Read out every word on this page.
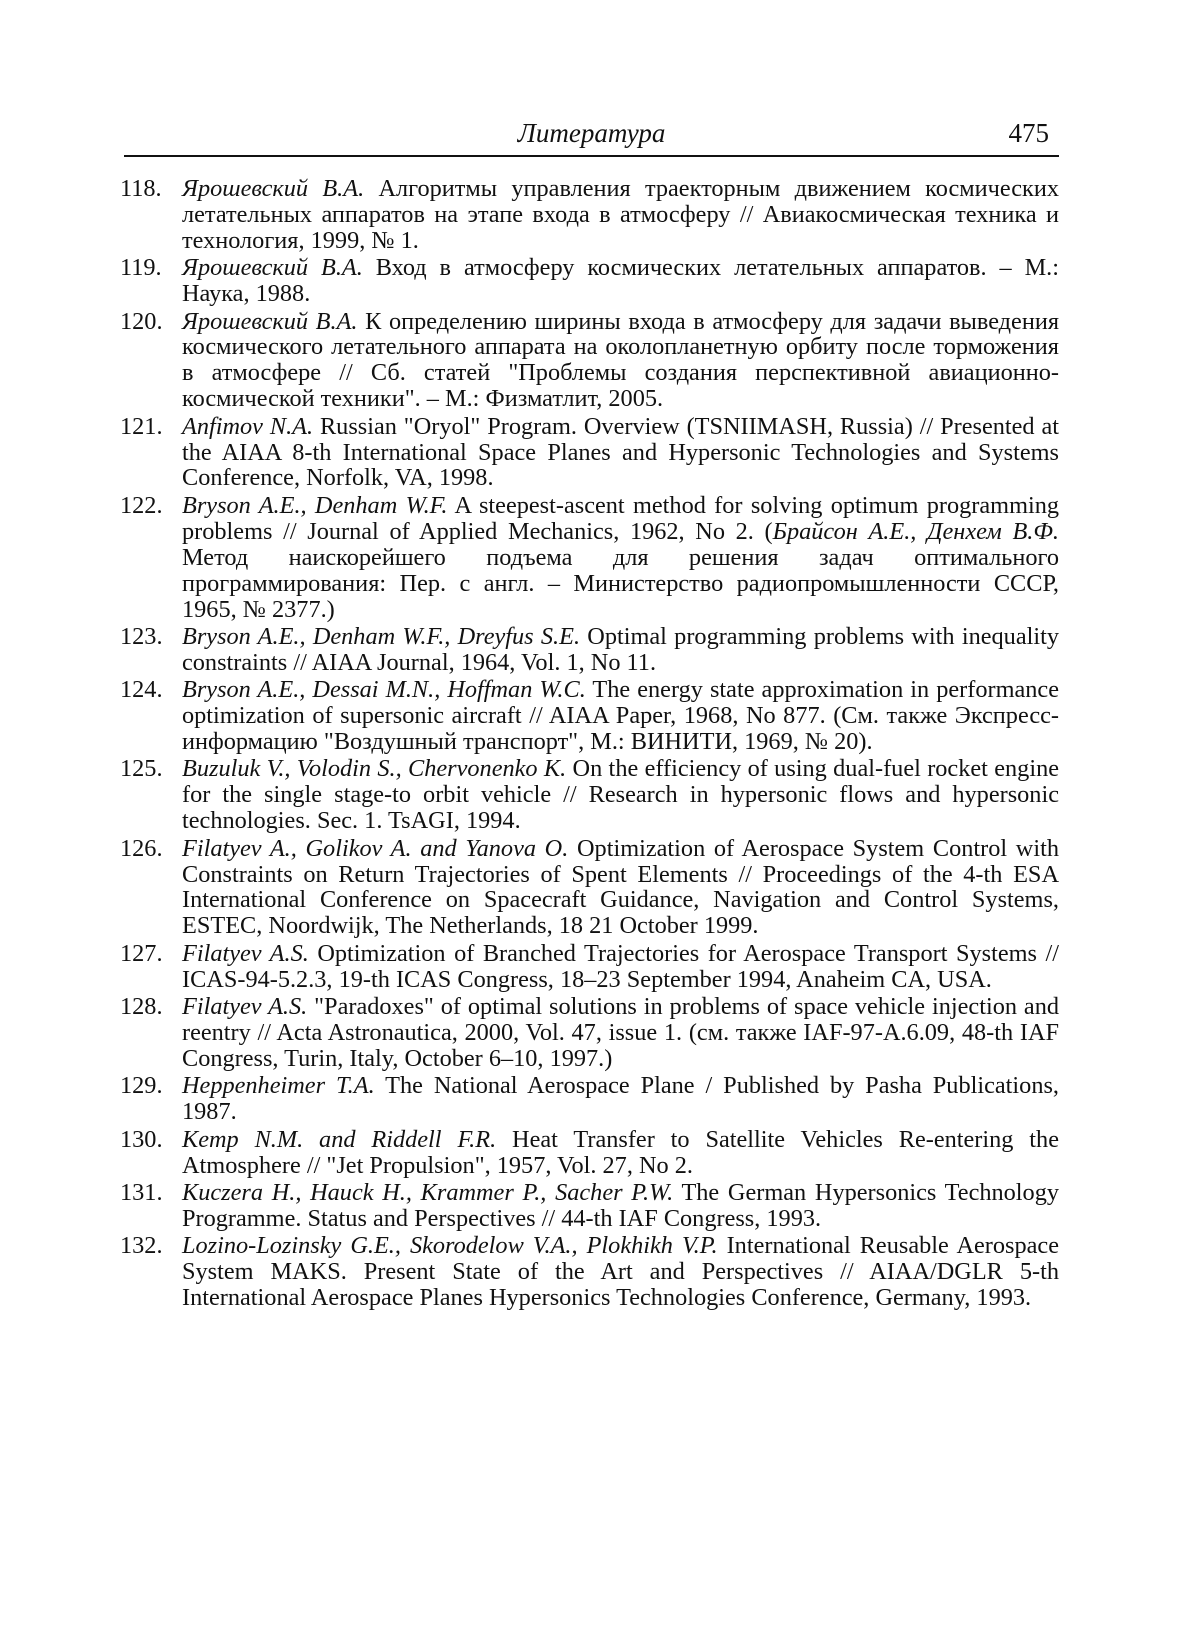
Литература	475
118. Ярошевский В.А. Алгоритмы управления траекторным движением космических летательных аппаратов на этапе входа в атмосферу // Авиакосмическая техника и технология, 1999, № 1.
119. Ярошевский В.А. Вход в атмосферу космических летательных аппаратов. – М.: Наука, 1988.
120. Ярошевский В.А. К определению ширины входа в атмосферу для задачи выведения космического летательного аппарата на околопланетную орбиту после торможения в атмосфере // Сб. статей "Проблемы создания перспективной авиационно-космической техники". – М.: Физматлит, 2005.
121. Anfimov N.A. Russian "Oryol" Program. Overview (TSNIIMASH, Russia) // Presented at the AIAA 8-th International Space Planes and Hypersonic Technologies and Systems Conference, Norfolk, VA, 1998.
122. Bryson A.E., Denham W.F. A steepest-ascent method for solving optimum programming problems // Journal of Applied Mechanics, 1962, No 2. (Брайсон А.Е., Денхем В.Ф. Метод наискорейшего подъема для решения задач оптимального программирования: Пер. с англ. – Министерство радиопромышленности СССР, 1965, № 2377.)
123. Bryson A.E., Denham W.F., Dreyfus S.E. Optimal programming problems with inequality constraints // AIAA Journal, 1964, Vol. 1, No 11.
124. Bryson A.E., Dessai M.N., Hoffman W.C. The energy state approximation in performance optimization of supersonic aircraft // AIAA Paper, 1968, No 877. (См. также Экспресс-информацию "Воздушный транспорт", М.: ВИНИТИ, 1969, № 20).
125. Buzuluk V., Volodin S., Chervonenko K. On the efficiency of using dual-fuel rocket engine for the single stage-to orbit vehicle // Research in hypersonic flows and hypersonic technologies. Sec. 1. TsAGI, 1994.
126. Filatyev A., Golikov A. and Yanova O. Optimization of Aerospace System Control with Constraints on Return Trajectories of Spent Elements // Proceedings of the 4-th ESA International Conference on Spacecraft Guidance, Navigation and Control Systems, ESTEC, Noordwijk, The Netherlands, 18 21 October 1999.
127. Filatyev A.S. Optimization of Branched Trajectories for Aerospace Transport Systems // ICAS-94-5.2.3, 19-th ICAS Congress, 18–23 September 1994, Anaheim CA, USA.
128. Filatyev A.S. "Paradoxes" of optimal solutions in problems of space vehicle injection and reentry // Acta Astronautica, 2000, Vol. 47, issue 1. (см. также IAF-97-A.6.09, 48-th IAF Congress, Turin, Italy, October 6–10, 1997.)
129. Heppenheimer T.A. The National Aerospace Plane / Published by Pasha Publications, 1987.
130. Kemp N.M. and Riddell F.R. Heat Transfer to Satellite Vehicles Re-entering the Atmosphere // "Jet Propulsion", 1957, Vol. 27, No 2.
131. Kuczera H., Hauck H., Krammer P., Sacher P.W. The German Hypersonics Technology Programme. Status and Perspectives // 44-th IAF Congress, 1993.
132. Lozino-Lozinsky G.E., Skorodelow V.A., Plokhikh V.P. International Reusable Aerospace System MAKS. Present State of the Art and Perspectives // AIAA/DGLR 5-th International Aerospace Planes Hypersonics Technologies Conference, Germany, 1993.
